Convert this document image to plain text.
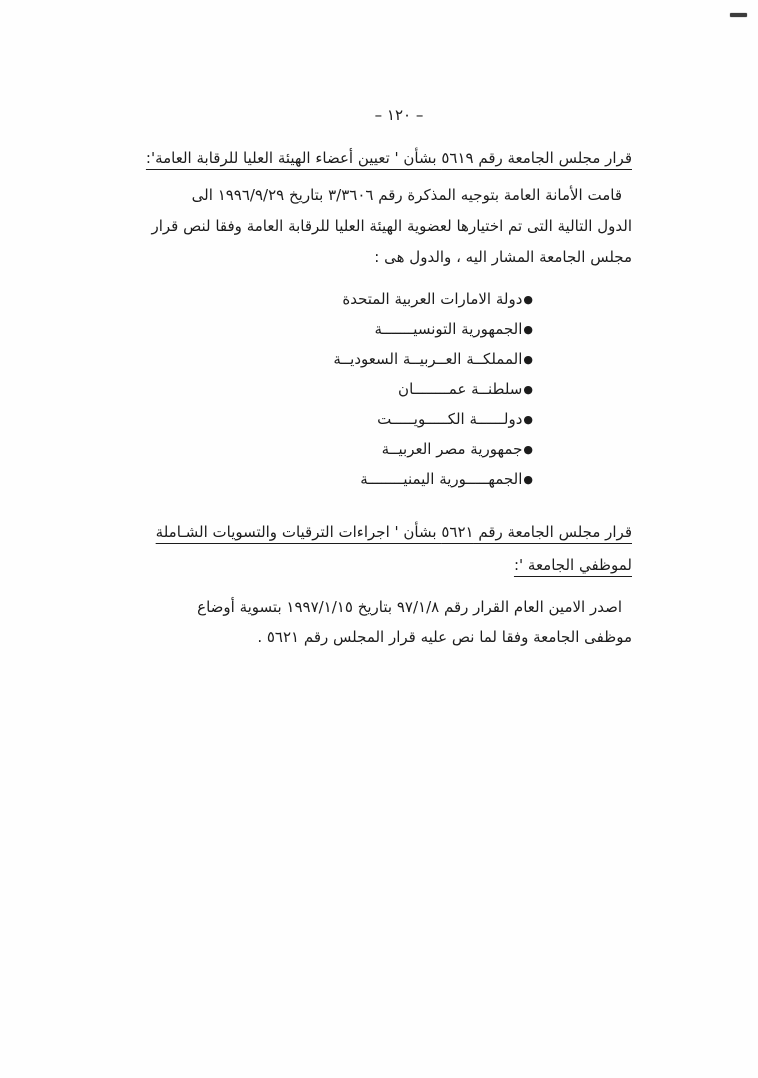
– ١٢٠ –
قرار مجلس الجامعة رقم ٥٦١٩ بشأن ' تعيين أعضاء الهيئة العليا للرقابة العامة':
قامت الأمانة العامة بتوجيه المذكرة رقم ٣/٣٦٠٦ بتاريخ ١٩٩٦/٩/٢٩ الى
الدول التالية التى تم اختيارها لعضوية الهيئة العليا للرقابة العامة وفقا لنص قرار
مجلس الجامعة المشار اليه ، والدول هى :
●دولة الامارات العربية المتحدة
●الجمهورية التونسيـــــــة
●المملكــة العــربيــة السعوديــة
●سلطنــة عمــــــــان
●دولــــــة الكـــــويـــــت
●جمهورية مصر العربيــة
●الجمهـــــورية اليمنيــــــــة
قرار مجلس الجامعة رقم ٥٦٢١ بشأن ' اجراءات الترقيات والتسويات الشـاملة
لموظفي الجامعة ':
اصدر الامين العام القرار رقم ٩٧/١/٨ بتاريخ ١٩٩٧/١/١٥ بتسوية أوضاع
موظفى الجامعة وفقا لما نص عليه قرار المجلس رقم ٥٦٢١ .
